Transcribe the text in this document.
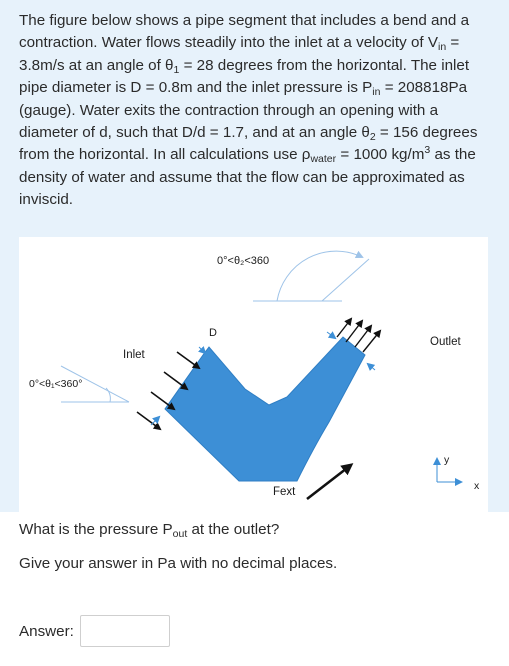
The figure below shows a pipe segment that includes a bend and a contraction. Water flows steadily into the inlet at a velocity of $V_{in} = 3.8m/s$ at an angle of $\theta_1 = 28$ degrees from the horizontal. The inlet pipe diameter is D = 0.8m and the inlet pressure is $P_{in} = 208818Pa$ (gauge). Water exits the contraction through an opening with a diameter of d, such that D/d = 1.7, and at an angle $\theta_2 = 156$ degrees from the horizontal. In all calculations use $\rho_{water} = 1000$ $kg/m^3$ as the density of water and assume that the flow can be approximated as inviscid.
0°<θ₂<360
0°<θ₁<360°
D
Inlet
Outlet
Fext
y
x

What is the pressure $P_{out}$ at the outlet?

Give your answer in Pa with no decimal places.

Answer:
